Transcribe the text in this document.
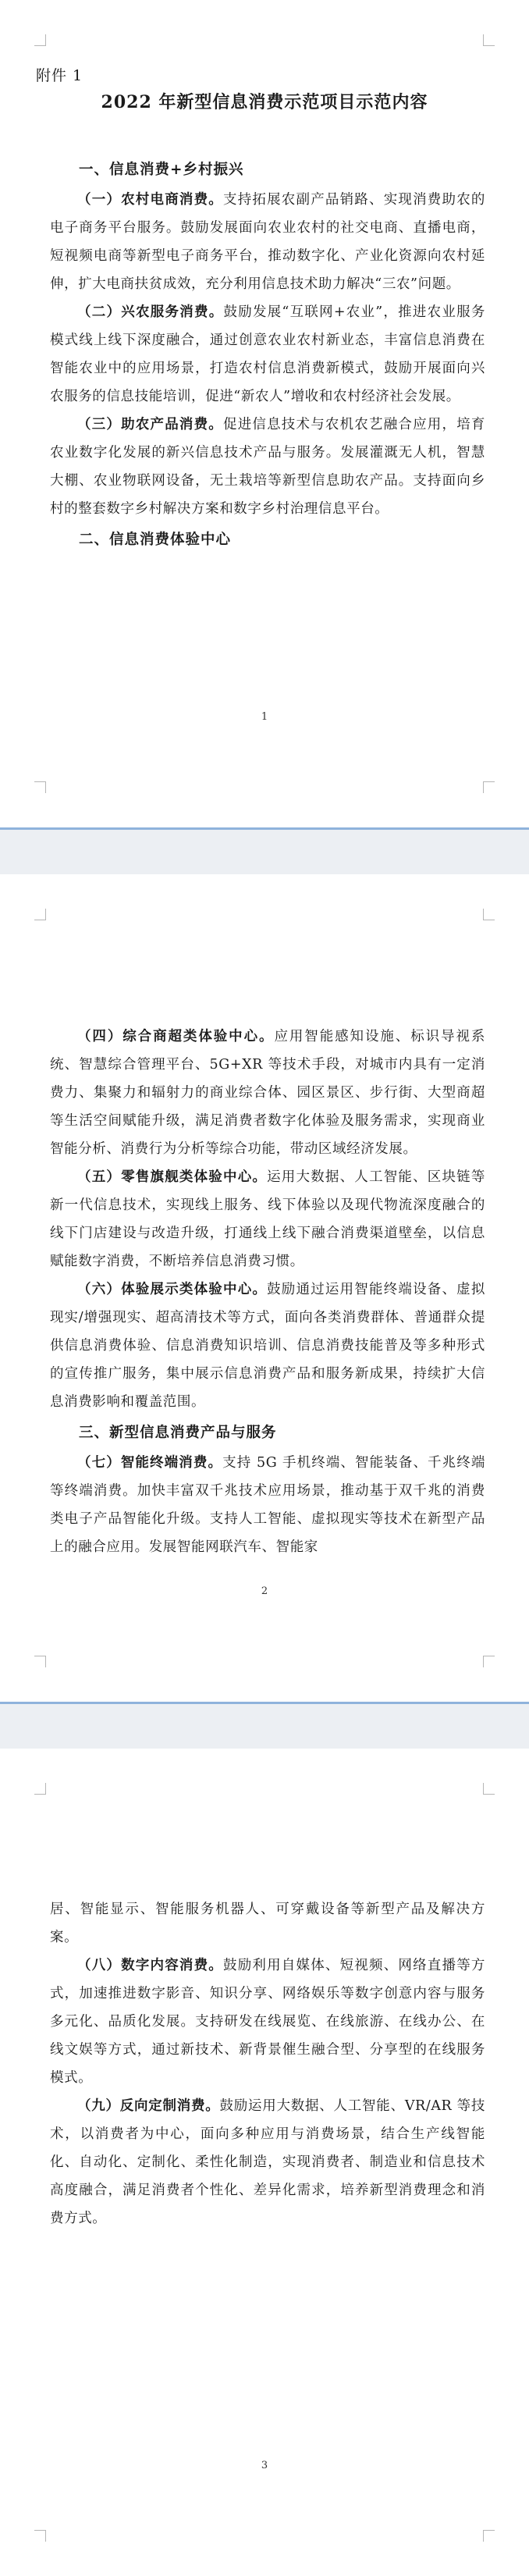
附件 1
2022 年新型信息消费示范项目示范内容
一、信息消费+乡村振兴

（一）农村电商消费。支持拓展农副产品销路、实现消费助农的电子商务平台服务。鼓励发展面向农业农村的社交电商、直播电商，短视频电商等新型电子商务平台，推动数字化、产业化资源向农村延伸，扩大电商扶贫成效，充分利用信息技术助力解决“三农”问题。

（二）兴农服务消费。鼓励发展“互联网+农业”，推进农业服务模式线上线下深度融合，通过创意农业农村新业态，丰富信息消费在智能农业中的应用场景，打造农村信息消费新模式，鼓励开展面向兴农服务的信息技能培训，促进“新农人”增收和农村经济社会发展。

（三）助农产品消费。促进信息技术与农机农艺融合应用，培育农业数字化发展的新兴信息技术产品与服务。发展灌溉无人机，智慧大棚、农业物联网设备，无土栽培等新型信息助农产品。支持面向乡村的整套数字乡村解决方案和数字乡村治理信息平台。

二、信息消费体验中心
1

（四）综合商超类体验中心。应用智能感知设施、标识导视系统、智慧综合管理平台、5G+XR 等技术手段，对城市内具有一定消费力、集聚力和辐射力的商业综合体、园区景区、步行街、大型商超等生活空间赋能升级，满足消费者数字化体验及服务需求，实现商业智能分析、消费行为分析等综合功能，带动区域经济发展。

（五）零售旗舰类体验中心。运用大数据、人工智能、区块链等新一代信息技术，实现线上服务、线下体验以及现代物流深度融合的线下门店建设与改造升级，打通线上线下融合消费渠道壁垒，以信息赋能数字消费，不断培养信息消费习惯。

（六）体验展示类体验中心。鼓励通过运用智能终端设备、虚拟现实/增强现实、超高清技术等方式，面向各类消费群体、普通群众提供信息消费体验、信息消费知识培训、信息消费技能普及等多种形式的宣传推广服务，集中展示信息消费产品和服务新成果，持续扩大信息消费影响和覆盖范围。

三、新型信息消费产品与服务

（七）智能终端消费。支持 5G 手机终端、智能装备、千兆终端等终端消费。加快丰富双千兆技术应用场景，推动基于双千兆的消费类电子产品智能化升级。支持人工智能、虚拟现实等技术在新型产品上的融合应用。发展智能网联汽车、智能家

2

居、智能显示、智能服务机器人、可穿戴设备等新型产品及解决方案。

（八）数字内容消费。鼓励利用自媒体、短视频、网络直播等方式，加速推进数字影音、知识分享、网络娱乐等数字创意内容与服务多元化、品质化发展。支持研发在线展览、在线旅游、在线办公、在线文娱等方式，通过新技术、新背景催生融合型、分享型的在线服务模式。

（九）反向定制消费。鼓励运用大数据、人工智能、VR/AR 等技术，以消费者为中心，面向多种应用与消费场景，结合生产线智能化、自动化、定制化、柔性化制造，实现消费者、制造业和信息技术高度融合，满足消费者个性化、差异化需求，培养新型消费理念和消费方式。

3
